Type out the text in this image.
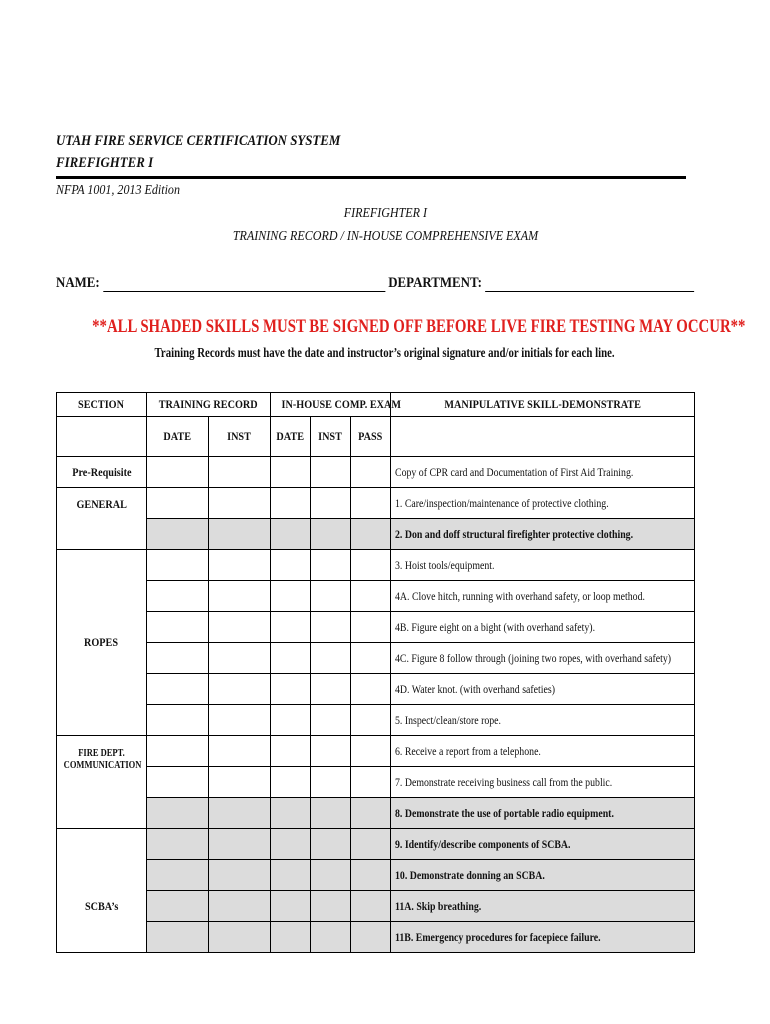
UTAH FIRE SERVICE CERTIFICATION SYSTEM
FIREFIGHTER I
NFPA 1001, 2013 Edition
FIREFIGHTER I
TRAINING RECORD / IN-HOUSE COMPREHENSIVE EXAM
NAME:	DEPARTMENT:
**ALL SHADED SKILLS MUST BE SIGNED OFF BEFORE LIVE FIRE TESTING MAY OCCUR**
Training Records must have the date and instructor’s original signature and/or initials for each line.
SECTION	TRAINING RECORD		IN-HOUSE COMP. EXAM			MANIPULATIVE SKILL-DEMONSTRATE
	DATE	INST	DATE	INST	PASS	
Pre-Requisite						Copy of CPR card and Documentation of First Aid Training.
GENERAL						1. Care/inspection/maintenance of protective clothing.
						2. Don and doff structural firefighter protective clothing.
ROPES						3. Hoist tools/equipment.
						4A. Clove hitch, running with overhand safety, or loop method.
						4B. Figure eight on a bight (with overhand safety).
						4C. Figure 8 follow through (joining two ropes, with overhand safety)
						4D. Water knot. (with overhand safeties)
						5. Inspect/clean/store rope.

FIRE DEPT.
COMMUNICATION						6. Receive a report from a telephone.
						7. Demonstrate receiving business call from the public.
						8. Demonstrate the use of portable radio equipment.
SCBA’s						9. Identify/describe components of SCBA.
						10. Demonstrate donning an SCBA.
						11A. Skip breathing.
						11B. Emergency procedures for facepiece failure.
